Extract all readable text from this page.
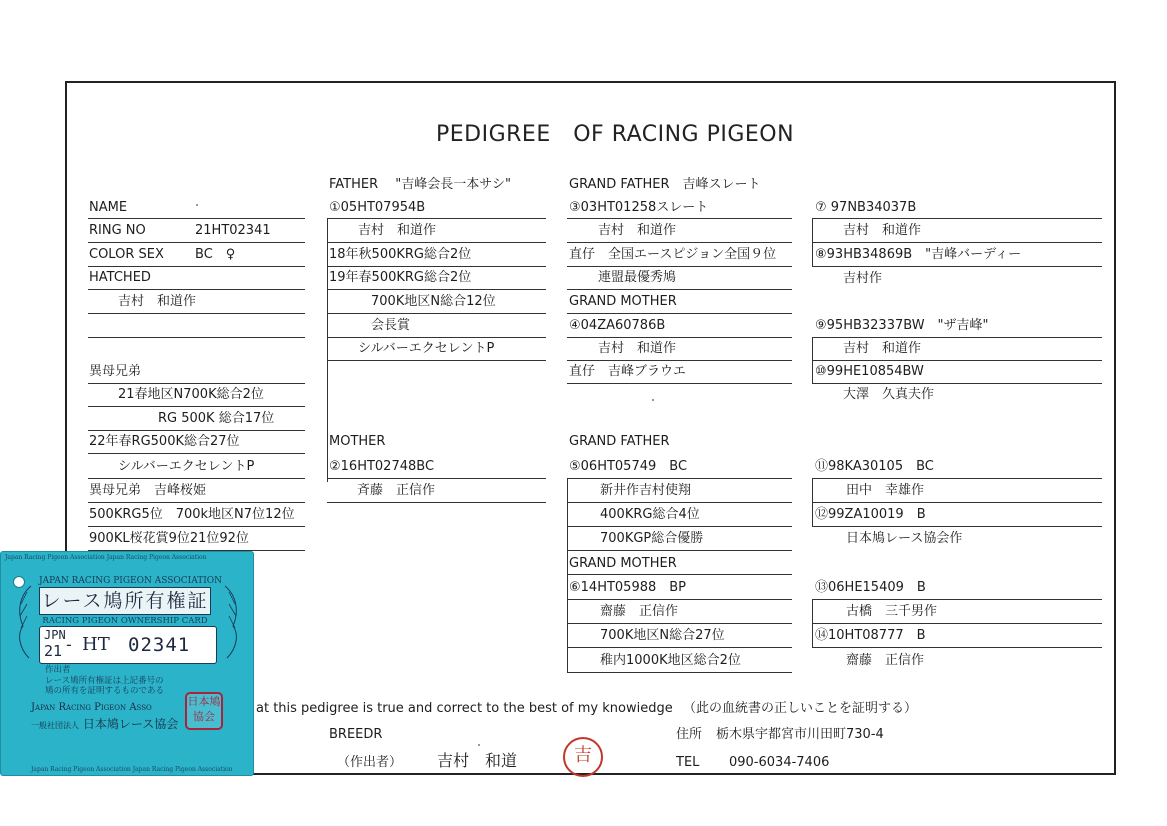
PEDIGREE　OF RACING PIGEON
NAME
RING NO	21HT02341
COLOR SEX BC　♀
HATCHED
吉村　和道作
異母兄弟
21春地区N700K総合2位
RG 500K 総合17位
22年春RG500K総合27位
シルバーエクセレントP
異母兄弟　吉峰桜姫
500KRG5位　700k地区N7位12位
900KL桜花賞9位21位92位
FATHER　 "吉峰会長一本サシ"
①05HT07954B
吉村　和道作
18年秋500KRG総合2位
19年春500KRG総合2位
700K地区N総合12位
会長賞
シルバーエクセレントP
MOTHER
②16HT02748BC
斉藤　正信作
GRAND FATHER　吉峰スレート
③03HT01258スレート
吉村　和道作
直仔　全国エースピジョン全国９位
連盟最優秀鳩
GRAND MOTHER
④04ZA60786B
吉村　和道作
直仔　吉峰ブラウエ
GRAND FATHER
⑤06HT05749　BC
新井作吉村使翔
400KRG総合4位
700KGP総合優勝
GRAND MOTHER
⑥14HT05988　BP
齋藤　正信作
700K地区N総合27位
稚内1000K地区総合2位
⑦ 97NB34037B
吉村　和道作
⑧93HB34869B　"吉峰バーディー
吉村作
⑨95HB32337BW　"ザ吉峰"
吉村　和道作
⑩99HE10854BW
大澤　久真夫作
⑪98KA30105　BC
田中　幸雄作
⑫99ZA10019　B
日本鳩レース協会作
⑬06HE15409　B
古橋　三千男作
⑭10HT08777　B
齋藤　正信作
at this pedigree is true and correct to the best of my knowiedge （此の血統書の正しいことを証明する）
BREEDR
（作出者） 吉村　和道	吉
住所 栃木県宇都宮市川田町730-4
TEL 090-6034-7406
Japan Racing Pigeon Association Japan Racing Pigeon Association
Japan Racing Pigeon Association Japan Racing Pigeon Association
JAPAN RACING PIGEON ASSOCIATION
レース鳩所有権証
RACING PIGEON OWNERSHIP CARD
JPN
21 - HT 02341
作出者
レース鳩所有権証は上記番号の
鳩の所有を証明するものである
Japan Racing Pigeon Asso
一般社団法人 日本鳩レース協会
日本鳩
協会
